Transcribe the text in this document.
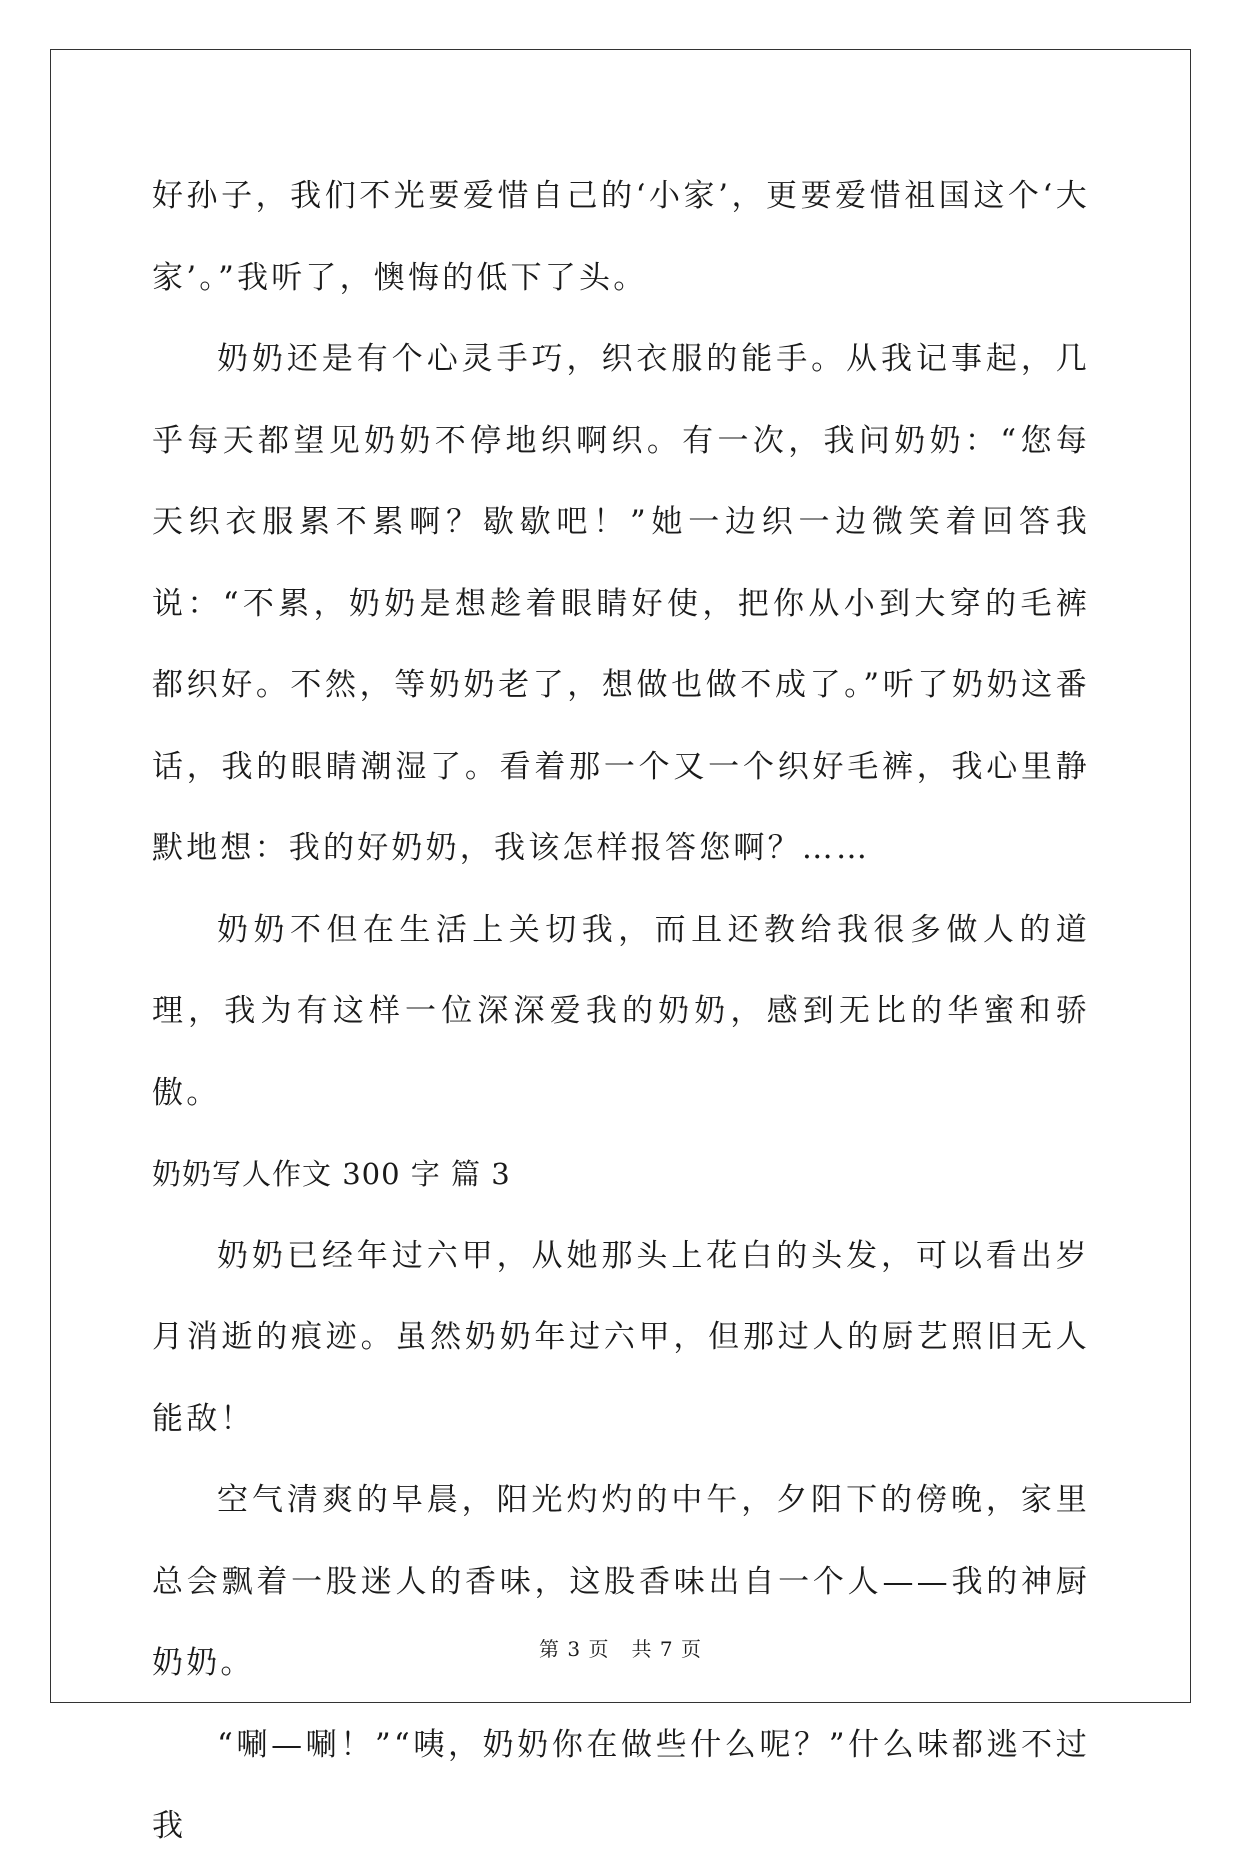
好孙子，我们不光要爱惜自己的‘小家’，更要爱惜祖国这个‘大家’。”我听了，懊悔的低下了头。

奶奶还是有个心灵手巧，织衣服的能手。从我记事起，几乎每天都望见奶奶不停地织啊织。有一次，我问奶奶：“您每天织衣服累不累啊？歇歇吧！”她一边织一边微笑着回答我说：“不累，奶奶是想趁着眼睛好使，把你从小到大穿的毛裤都织好。不然，等奶奶老了，想做也做不成了。”听了奶奶这番话，我的眼睛潮湿了。看着那一个又一个织好毛裤，我心里静默地想：我的好奶奶，我该怎样报答您啊？……

奶奶不但在生活上关切我，而且还教给我很多做人的道理，我为有这样一位深深爱我的奶奶，感到无比的华蜜和骄傲。

奶奶写人作文 300 字 篇 3

奶奶已经年过六甲，从她那头上花白的头发，可以看出岁月消逝的痕迹。虽然奶奶年过六甲，但那过人的厨艺照旧无人能敌！

空气清爽的早晨，阳光灼灼的中午，夕阳下的傍晚，家里总会飘着一股迷人的香味，这股香味出自一个人——我的神厨奶奶。

“唰—唰！”“咦，奶奶你在做些什么呢？”什么味都逃不过我

第 3 页   共 7 页
